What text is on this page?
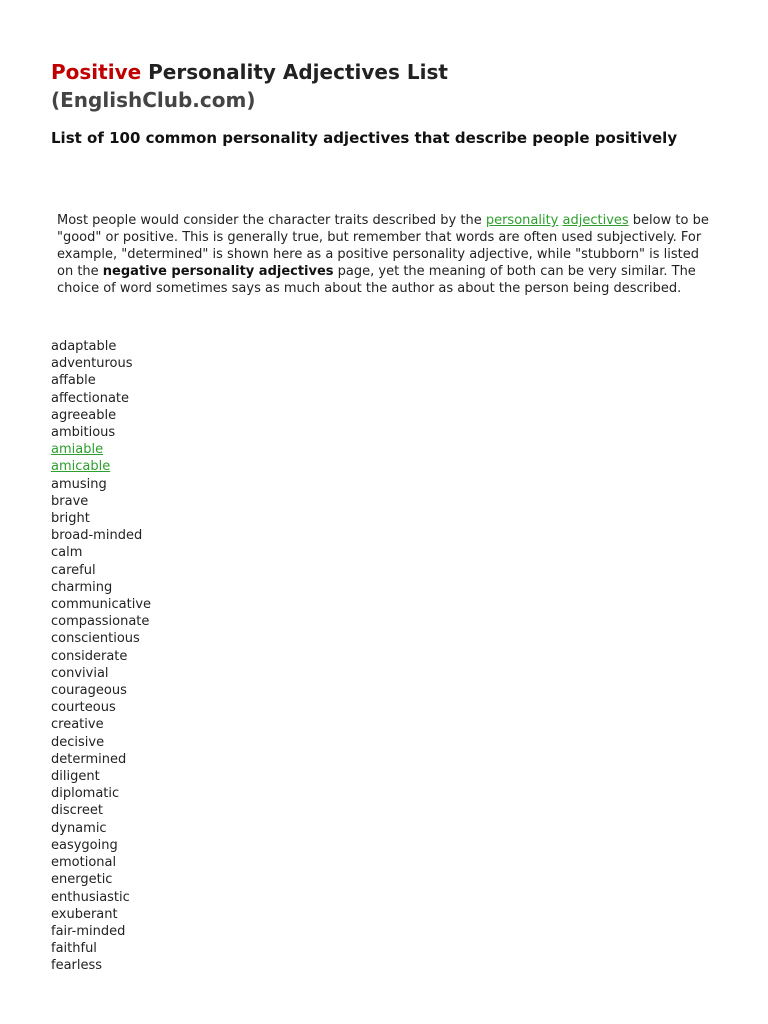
Positive Personality Adjectives List
(EnglishClub.com)
List of 100 common personality adjectives that describe people positively

Most people would consider the character traits described by the personality adjectives below to be "good" or positive. This is generally true, but remember that words are often used subjectively. For example, "determined" is shown here as a positive personality adjective, while "stubborn" is listed on the negative personality adjectives page, yet the meaning of both can be very similar. The choice of word sometimes says as much about the author as about the person being described.

adaptable
adventurous
affable
affectionate
agreeable
ambitious
amiable
amicable
amusing
brave
bright
broad-minded
calm
careful
charming
communicative
compassionate
conscientious
considerate
convivial
courageous
courteous
creative
decisive
determined
diligent
diplomatic
discreet
dynamic
easygoing
emotional
energetic
enthusiastic
exuberant
fair-minded
faithful
fearless
